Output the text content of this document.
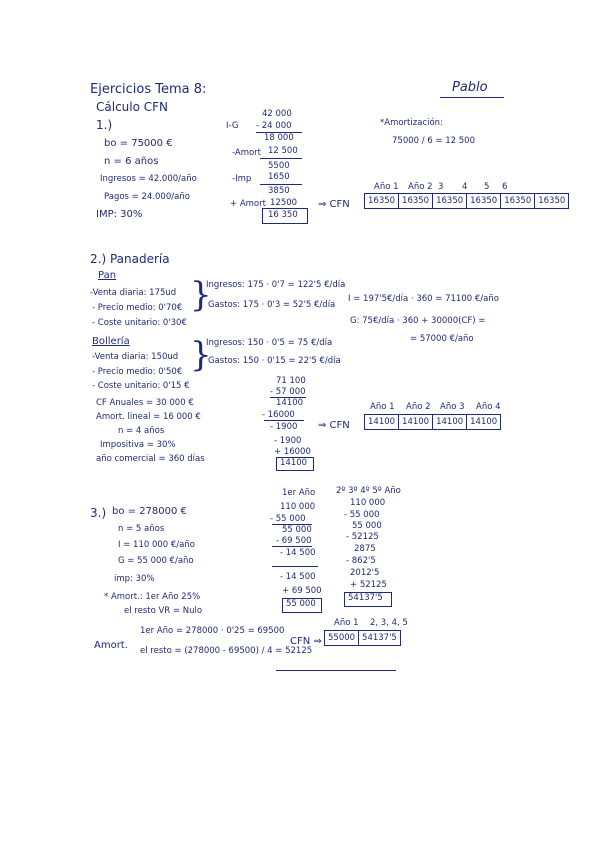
Ejercicios Tema 8:
Cálculo CFN
Pablo
1.)
bo = 75000 €
n = 6 años
Ingresos = 42.000/año
Pagos = 24.000/año
IMP: 30%
42 000
I-G - 24 000
18 000
-Amort 12 500
5500
-Imp 1650
3850
+ Amort 12500
16 350
*Amortización:
75000 / 6 = 12 500
⇒ CFN
Año 1 Año 2 3 4 5 6
16350	16350	16350	16350	16350	16350
2.) Panadería
Pan
-Venta diaria: 175ud
- Precio medio: 0'70€
- Coste unitario: 0'30€
}
Ingresos: 175 · 0'7 = 122'5 €/día
Gastos: 175 · 0'3 = 52'5 €/día
Bollería
-Venta diaria: 150ud
- Precio medio: 0'50€
- Coste unitario: 0'15 €
}
Ingresos: 150 · 0'5 = 75 €/día
Gastos: 150 · 0'15 = 22'5 €/día
I = 197'5€/día · 360 = 71100 €/año
G: 75€/día · 360 + 30000(CF) =
= 57000 €/año
CF Anuales = 30 000 €
Amort. lineal = 16 000 €
n = 4 años
Impositiva = 30%
año comercial = 360 días
71 100
- 57 000
14100
- 16000
- 1900
- 1900
+ 16000
14100
⇒ CFN
Año 1 Año 2 Año 3 Año 4
14100	14100	14100	14100
3.) bo = 278000 €
n = 5 años
I = 110 000 €/año
G = 55 000 €/año
imp: 30%
* Amort.: 1er Año 25%
el resto VR = Nulo
1er Año
110 000
- 55 000
55 000
- 69 500
- 14 500
- 14 500
+ 69 500
55 000
2º 3º 4º 5º Año
110 000
- 55 000
55 000
- 52125
2875
- 862'5
2012'5
+ 52125
54137'5
Amort.
1er Año = 278000 · 0'25 = 69500
el resto = (278000 - 69500) / 4 = 52125
CFN ⇒
Año 1 2, 3, 4, 5
55000	54137'5
